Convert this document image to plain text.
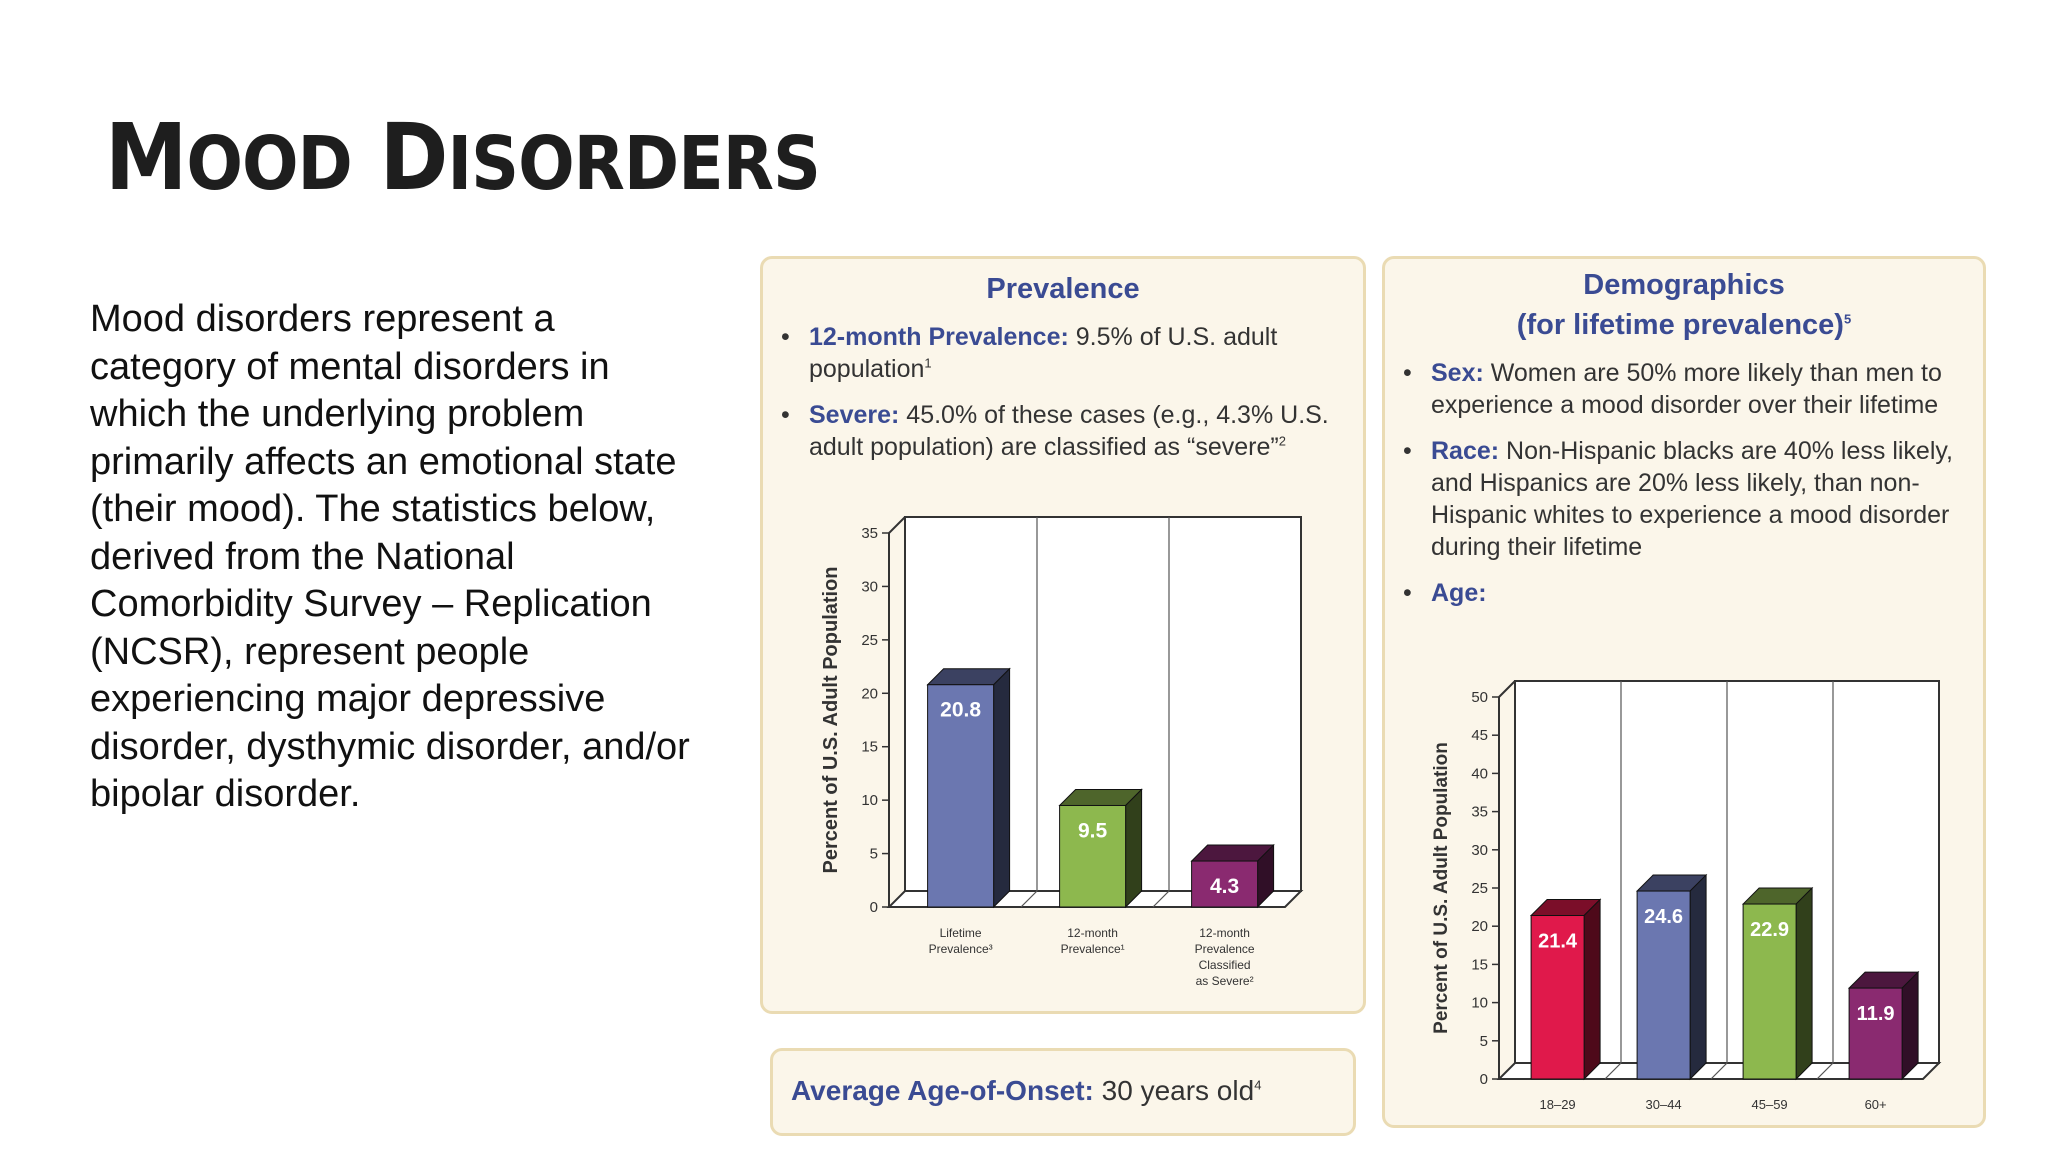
MOOD DISORDERS

Mood disorders represent a category of mental disorders in which the underlying problem primarily affects an emotional state (their mood). The statistics below, derived from the National Comorbidity Survey – Replication (NCSR), represent people experiencing major depressive disorder, dysthymic disorder, and/or bipolar disorder.

Prevalence
• 12-month Prevalence: 9.5% of U.S. adult population$^1$
• Severe: 45.0% of these cases (e.g., 4.3% U.S. adult population) are classified as “severe”$^2$
0
5
10
15
20
25
30
35
Percent of U.S. Adult Population	20.8
Lifetime
Prevalence³
9.5
12-month
Prevalence¹
4.3
12-month
Prevalence
Classified
as Severe²
Demographics
(for lifetime prevalence)$^5$
• Sex: Women are 50% more likely than men to experience a mood disorder over their lifetime
• Race: Non-Hispanic blacks are 40% less likely, and Hispanics are 20% less likely, than non-Hispanic whites to experience a mood disorder during their lifetime
• Age:
0
5
10
15
20
25
30
35
40
45
50
Percent of U.S. Adult Population	21.4
18–29
24.6
30–44
22.9
45–59
11.9
60+

Average Age-of-Onset: 30 years old$^4$
